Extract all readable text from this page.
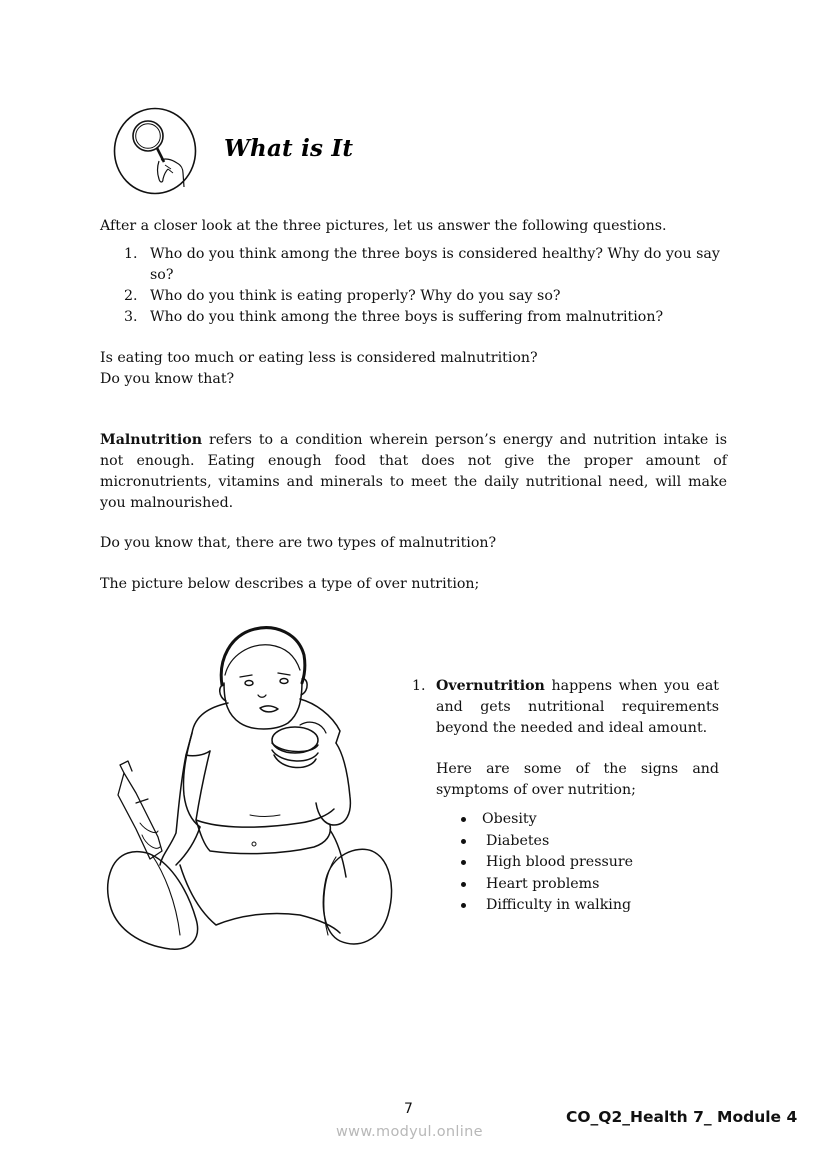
What is It
After a closer look at the three pictures, let us answer the following questions.
1. Who do you think among the three boys is considered healthy? Why do you say so?
2. Who do you think is eating properly? Why do you say so?
3. Who do you think among the three boys is suffering from malnutrition?
Is eating too much or eating less is considered malnutrition?
Do you know that?
Malnutrition refers to a condition wherein person’s energy and nutrition intake is not enough. Eating enough food that does not give the proper amount of micronutrients, vitamins and minerals to meet the daily nutritional need, will make you malnourished.
Do you know that, there are two types of malnutrition?
The picture below describes a type of over nutrition;
1. Overnutrition happens when you eat and gets nutritional requirements beyond the needed and ideal amount.
Here are some of the signs and symptoms of over nutrition;
Obesity
Diabetes
High blood pressure
Heart problems
Difficulty in walking
7	CO_Q2_Health 7_ Module 4
www.modyul.online
